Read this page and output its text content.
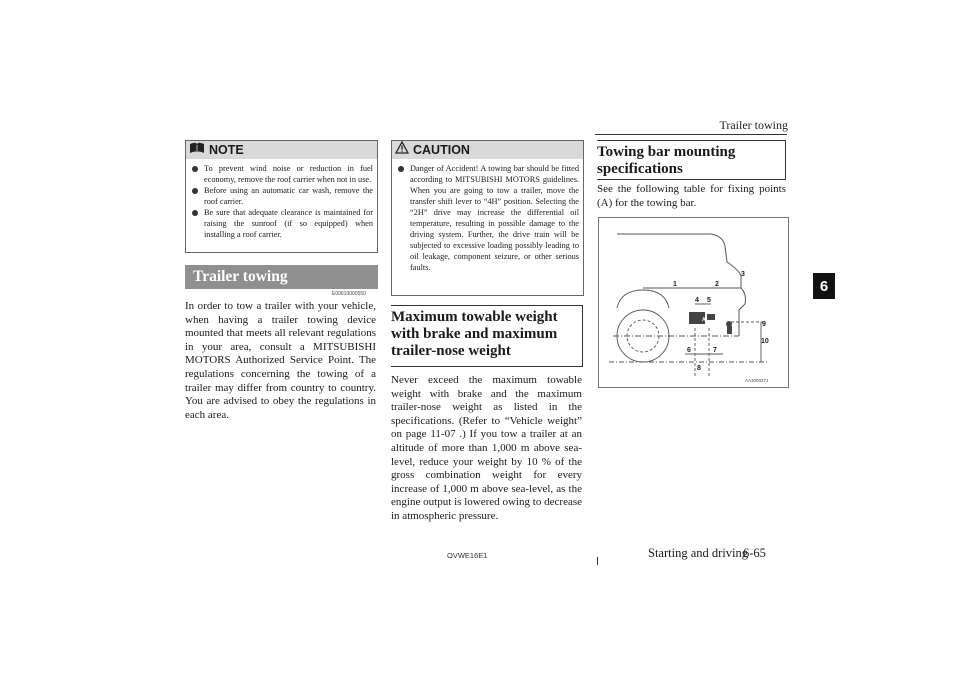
Trailer towing
6
NOTE
To prevent wind noise or reduction in fuel economy, remove the roof carrier when not in use.
Before using an automatic car wash, remove the roof carrier.
Be sure that adequate clearance is maintained for raising the sunroof (if so equipped) when installing a roof carrier.
Trailer towing
E00610000550
In order to tow a trailer with your vehicle, when having a trailer towing device mounted that meets all relevant regulations in your area, consult a MITSUBISHI MOTORS Authorized Service Point. The regulations concerning the towing of a trailer may differ from country to country. You are advised to obey the regulations in each area.
CAUTION
Danger of Accident! A towing bar should be fitted according to MITSUBISHI MOTORS guidelines. When you are going to tow a trailer, move the transfer shift lever to “4H” position. Selecting the “2H” drive may increase the differential oil temperature, resulting in possible damage to the driving system. Further, the drive train will be subjected to excessive loading possibly leading to oil leakage, component seizure, or other serious faults.
Maximum towable weight with brake and maximum trailer-nose weight
Never exceed the maximum towable weight with brake and the maximum trailer-nose weight as listed in the specifications. (Refer to “Vehicle weight” on page 11-07 .) If you tow a trailer at an altitude of more than 1,000 m above sea-level, reduce your weight by 10 % of the gross combination weight for every increase of 1,000 m above sea-level, as the engine output is lowered owing to decrease in atmospheric pressure.
Towing bar mounting specifications
See the following table for fixing points (A) for the towing bar.
1	2
3
4 5
6	7
8
9
10
A
AA3000271
OVWE16E1	Starting and driving
6-65
